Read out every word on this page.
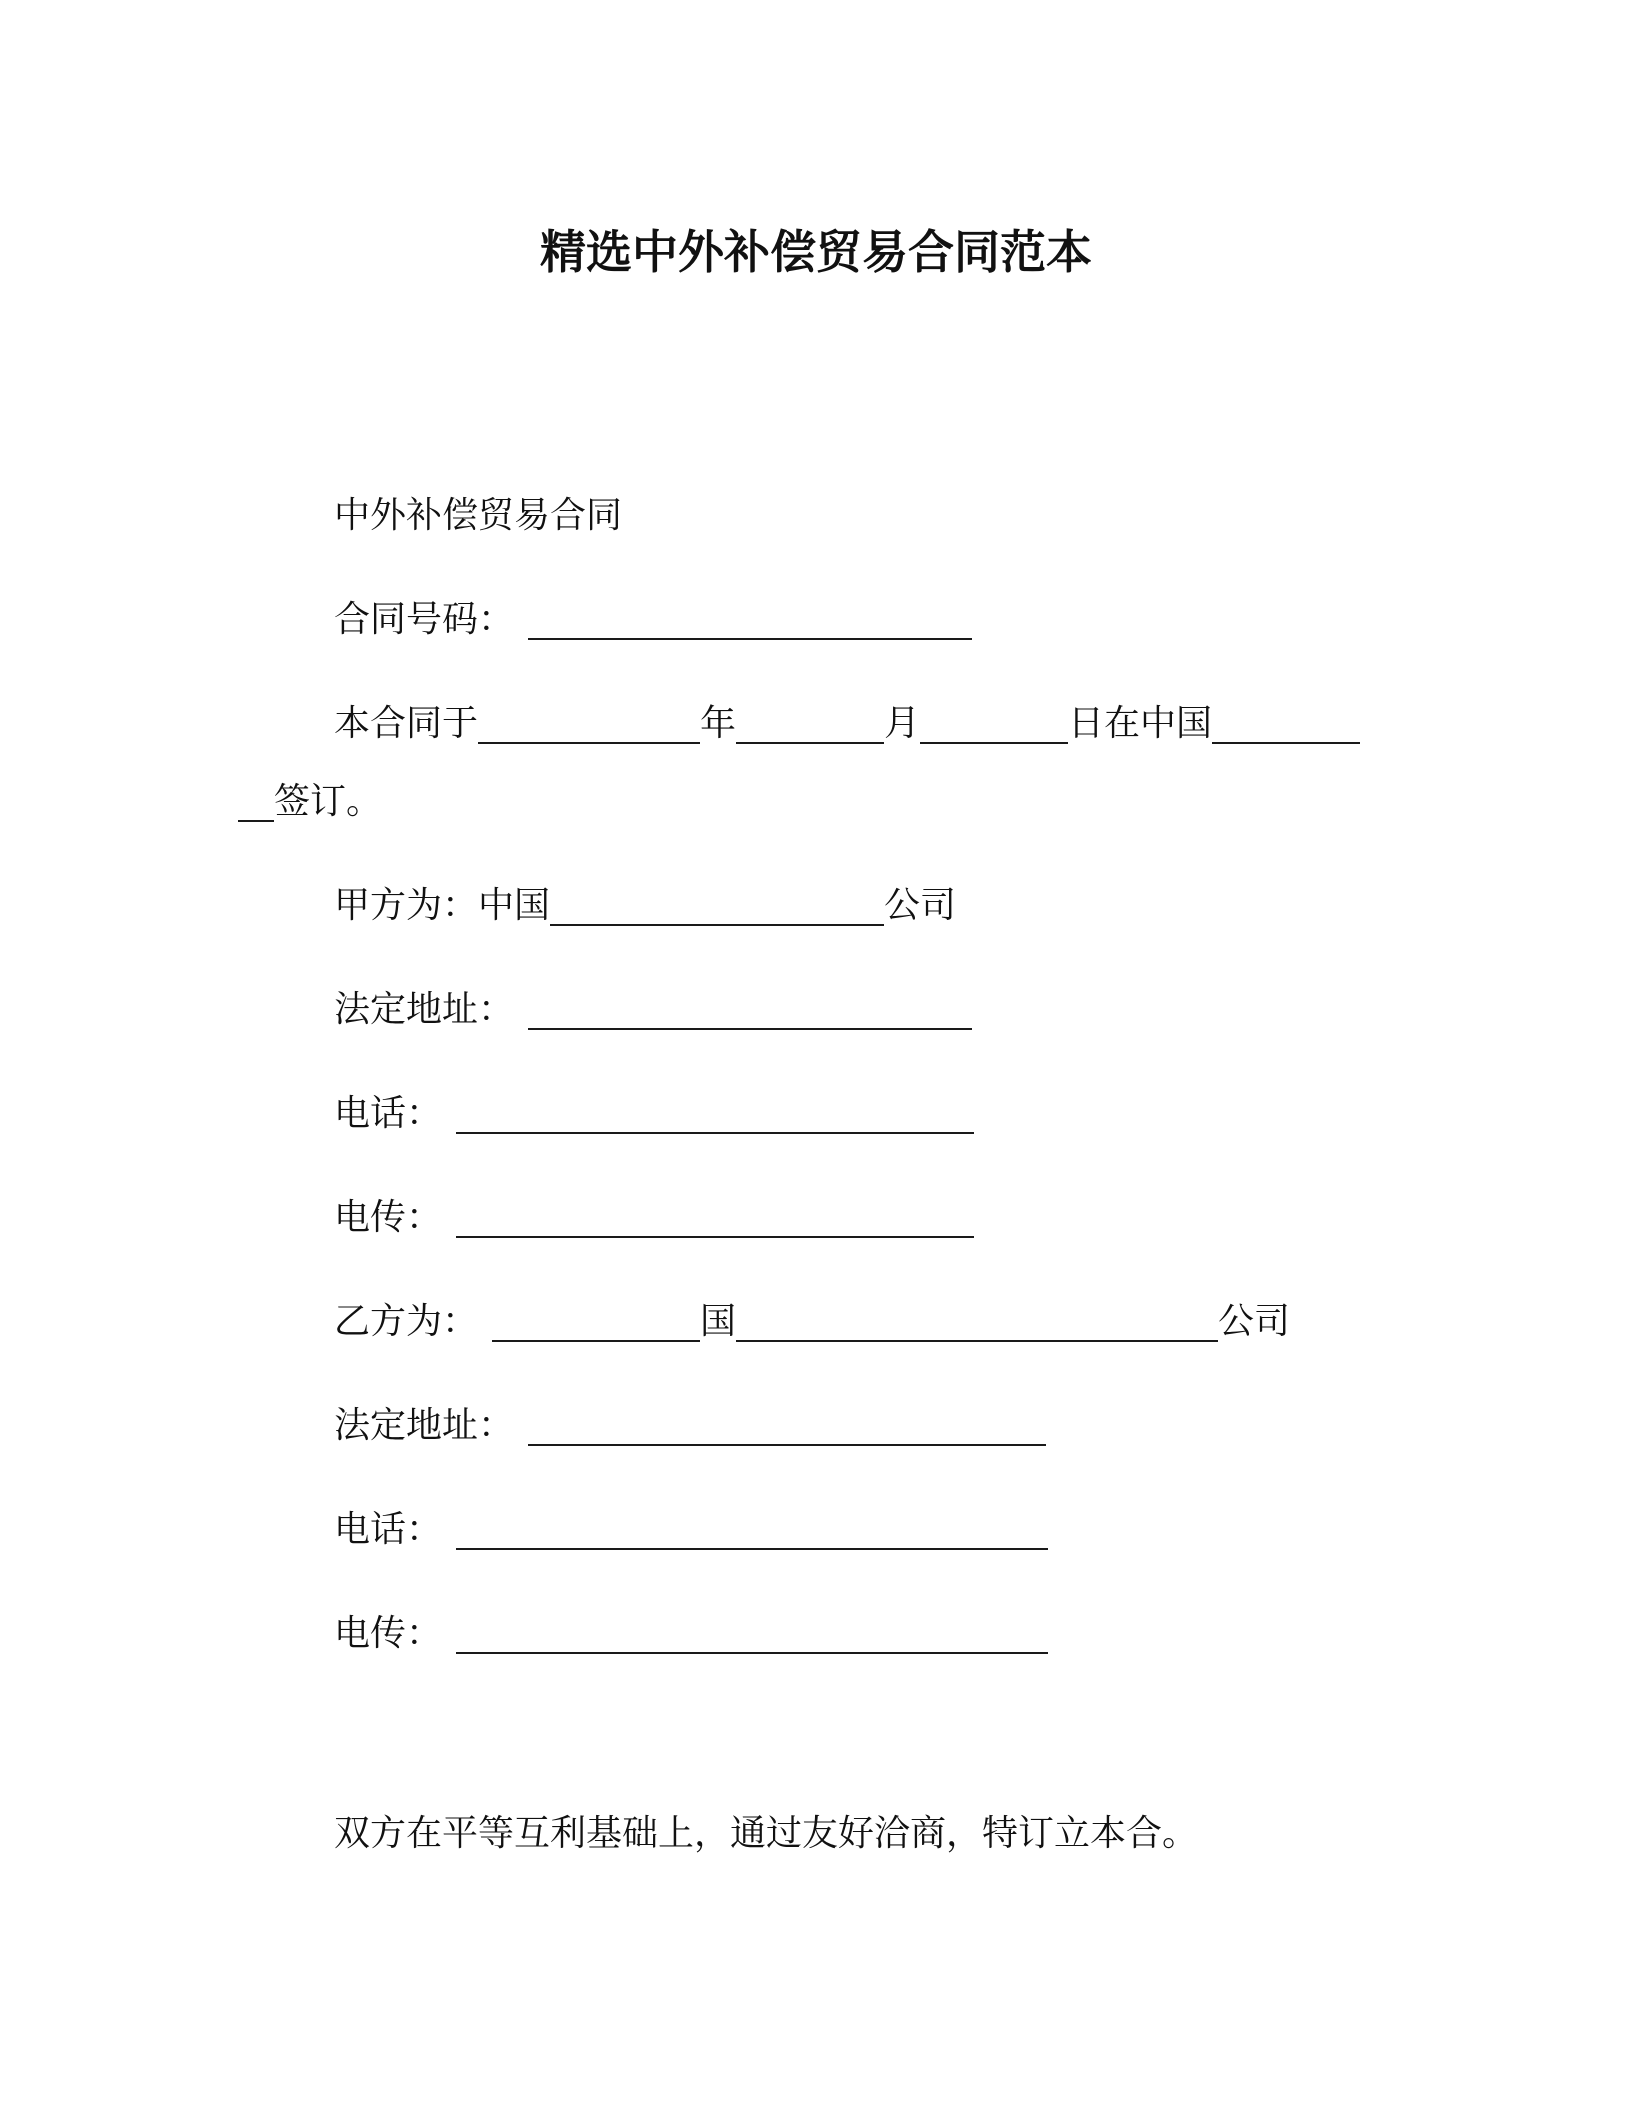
精选中外补偿贸易合同范本
中外补偿贸易合同
合同号码：
本合同于	年	月	日在中国
签订。
甲方为：中国	公司
法定地址：
电话：
电传：
乙方为：	国	公司
法定地址：
电话：
电传：
双方在平等互利基础上，通过友好洽商，特订立本合。
